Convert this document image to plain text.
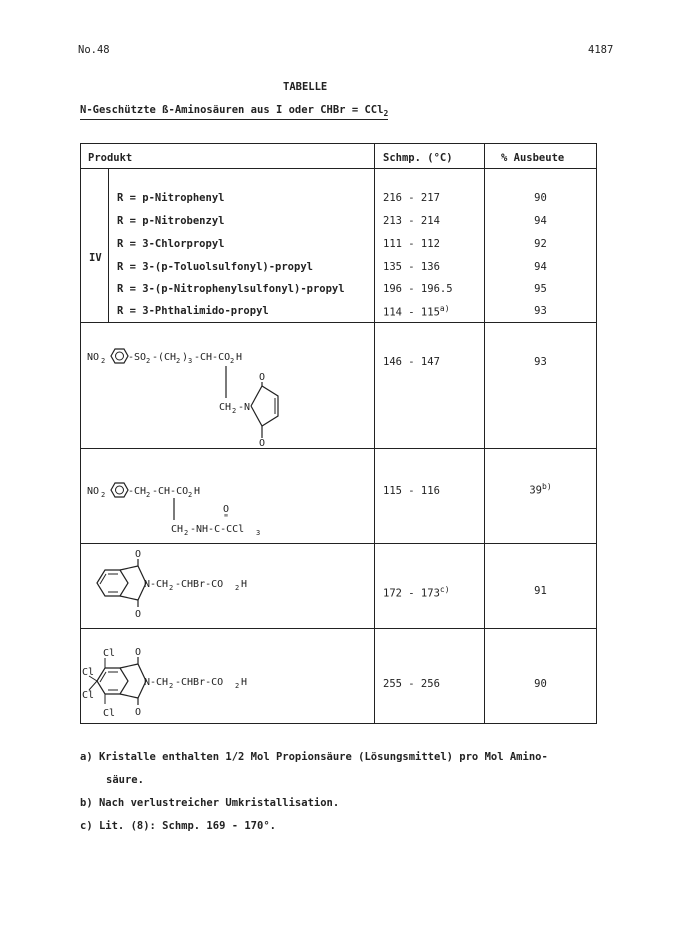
No.48	4187
TABELLE
N-Geschützte ß-Aminosäuren aus I oder CHBr = CCl$_2$
Produkt	Schmp. (°C)	% Ausbeute
IV
R = p-Nitrophenyl	216 - 217	90
R = p-Nitrobenzyl	213 - 214	94
R = 3-Chlorpropyl	111 - 112	92
R = 3-(p-Toluolsulfonyl)-propyl	135 - 136	94
R = 3-(p-Nitrophenylsulfonyl)-propyl	196 - 196.5	95
R = 3-Phthalimido-propyl	114 - 115$^{a)}$	93
NO 2 -SO 2 -(CH 2 ) 3 -CH-CO 2 H
CH 2 -N
O
O
146 - 147	93
NO 2 -CH 2 -CH-CO 2 H
O
"
CH 2 -NH-C-CCl 3
115 - 116	39$^{b)}$
O
O
N-CH 2 -CHBr-CO 2 H
172 - 173$^{c)}$	91
Cl
Cl
Cl
Cl
O
O
N-CH 2 -CHBr-CO 2 H	255 - 256	90
a) Kristalle enthalten 1/2 Mol Propionsäure (Lösungsmittel) pro Mol Amino-
säure.
b) Nach verlustreicher Umkristallisation.
c) Lit. (8): Schmp. 169 - 170°.
